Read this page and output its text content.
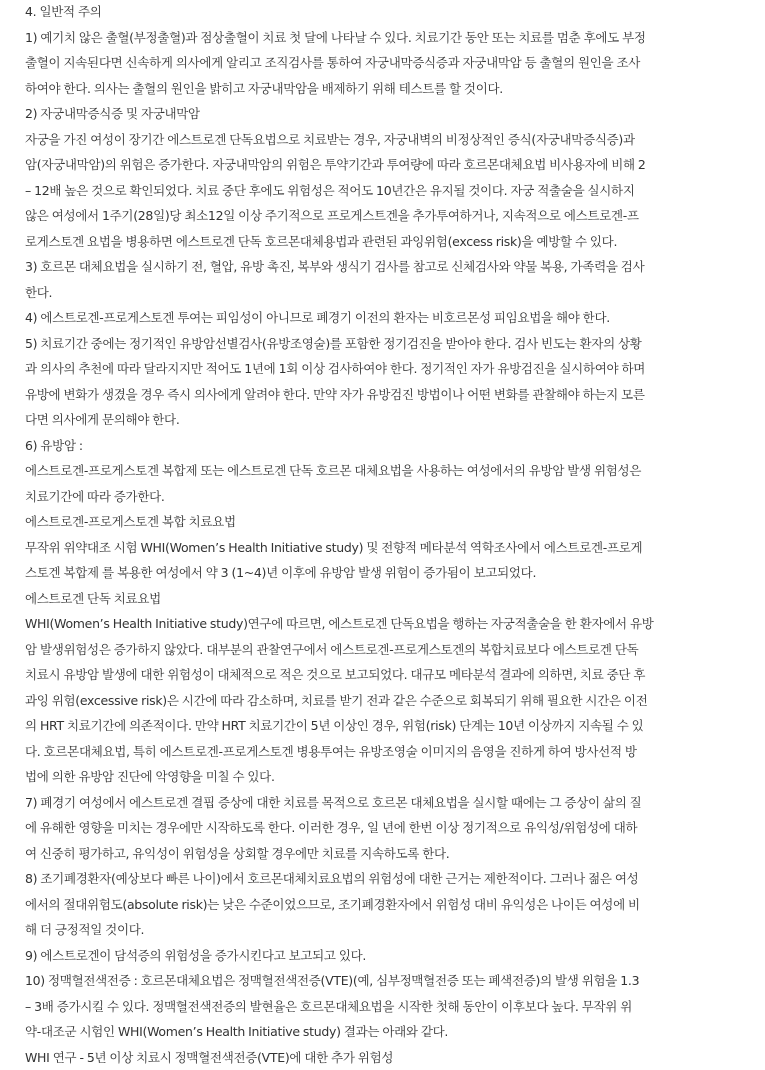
4. 일반적 주의
1) 예기치 않은 출혈(부정출혈)과 점상출혈이 치료 첫 달에 나타날 수 있다. 치료기간 동안 또는 치료를 멈춘 후에도 부정
출혈이 지속된다면 신속하게 의사에게 알리고 조직검사를 통하여 자궁내막증식증과 자궁내막암 등 출혈의 원인을 조사
하여야 한다. 의사는 출혈의 원인을 밝히고 자궁내막암을 배제하기 위해 테스트를 할 것이다.
2) 자궁내막증식증 및 자궁내막암
자궁을 가진 여성이 장기간 에스트로겐 단독요법으로 치료받는 경우, 자궁내벽의 비정상적인 증식(자궁내막증식증)과
암(자궁내막암)의 위험은 증가한다. 자궁내막암의 위험은 투약기간과 투여량에 따라 호르몬대체요법 비사용자에 비해 2
– 12배 높은 것으로 확인되었다. 치료 중단 후에도 위험성은 적어도 10년간은 유지될 것이다. 자궁 적출술을 실시하지
않은 여성에서 1주기(28일)당 최소12일 이상 주기적으로 프로게스트겐을 추가투여하거나, 지속적으로 에스트로겐-프
로게스토겐 요법을 병용하면 에스트로겐 단독 호르몬대체용법과 관련된 과잉위험(excess risk)을 예방할 수 있다.
3) 호르몬 대체요법을 실시하기 전, 혈압, 유방 촉진, 복부와 생식기 검사를 참고로 신체검사와 약물 복용, 가족력을 검사
한다.
4) 에스트로겐-프로게스토겐 투여는 피임성이 아니므로 폐경기 이전의 환자는 비호르몬성 피임요법을 해야 한다.
5) 치료기간 중에는 정기적인 유방암선별검사(유방조영술)를 포함한 정기검진을 받아야 한다. 검사 빈도는 환자의 상황
과 의사의 추천에 따라 달라지지만 적어도 1년에 1회 이상 검사하여야 한다. 정기적인 자가 유방검진을 실시하여야 하며
유방에 변화가 생겼을 경우 즉시 의사에게 알려야 한다. 만약 자가 유방검진 방법이나 어떤 변화를 관찰해야 하는지 모른
다면 의사에게 문의해야 한다.
6) 유방암 :
에스트로겐-프로게스토겐 복합제 또는 에스트로겐 단독 호르몬 대체요법을 사용하는 여성에서의 유방암 발생 위험성은
치료기간에 따라 증가한다.
에스트로겐-프로게스토겐 복합 치료요법
무작위 위약대조 시험 WHI(Women’s Health Initiative study) 및 전향적 메타분석 역학조사에서 에스트로겐-프로게
스토겐 복합제 를 복용한 여성에서 약 3 (1~4)년 이후에 유방암 발생 위험이 증가됨이 보고되었다.
에스트로겐 단독 치료요법
WHI(Women’s Health Initiative study)연구에 따르면, 에스트로겐 단독요법을 행하는 자궁적출술을 한 환자에서 유방
암 발생위험성은 증가하지 않았다. 대부분의 관찰연구에서 에스트로겐-프로게스토겐의 복합치료보다 에스트로겐 단독
치료시 유방암 발생에 대한 위험성이 대체적으로 적은 것으로 보고되었다. 대규모 메타분석 결과에 의하면, 치료 중단 후
과잉 위험(excessive risk)은 시간에 따라 감소하며, 치료를 받기 전과 같은 수준으로 회복되기 위해 필요한 시간은 이전
의 HRT 치료기간에 의존적이다. 만약 HRT 치료기간이 5년 이상인 경우, 위험(risk) 단계는 10년 이상까지 지속될 수 있
다. 호르몬대체요법, 특히 에스트로겐-프로게스토겐 병용투여는 유방조영술 이미지의 음영을 진하게 하여 방사선적 방
법에 의한 유방암 진단에 악영향을 미칠 수 있다.
7) 폐경기 여성에서 에스트로겐 결핍 증상에 대한 치료를 목적으로 호르몬 대체요법을 실시할 때에는 그 증상이 삶의 질
에 유해한 영향을 미치는 경우에만 시작하도록 한다. 이러한 경우, 일 년에 한번 이상 정기적으로 유익성/위험성에 대하
여 신중히 평가하고, 유익성이 위험성을 상회할 경우에만 치료를 지속하도록 한다.
8) 조기폐경환자(예상보다 빠른 나이)에서 호르몬대체치료요법의 위험성에 대한 근거는 제한적이다. 그러나 젊은 여성
에서의 절대위험도(absolute risk)는 낮은 수준이었으므로, 조기폐경환자에서 위험성 대비 유익성은 나이든 여성에 비
해 더 긍정적일 것이다.
9) 에스트로겐이 담석증의 위험성을 증가시킨다고 보고되고 있다.
10) 정맥혈전색전증 : 호르몬대체요법은 정맥혈전색전증(VTE)(예, 심부정맥혈전증 또는 폐색전증)의 발생 위험을 1.3
– 3배 증가시킬 수 있다. 정맥혈전색전증의 발현율은 호르몬대체요법을 시작한 첫해 동안이 이후보다 높다. 무작위 위
약-대조군 시험인 WHI(Women’s Health Initiative study) 결과는 아래와 같다.
WHI 연구 - 5년 이상 치료시 정맥혈전색전증(VTE)에 대한 추가 위험성
